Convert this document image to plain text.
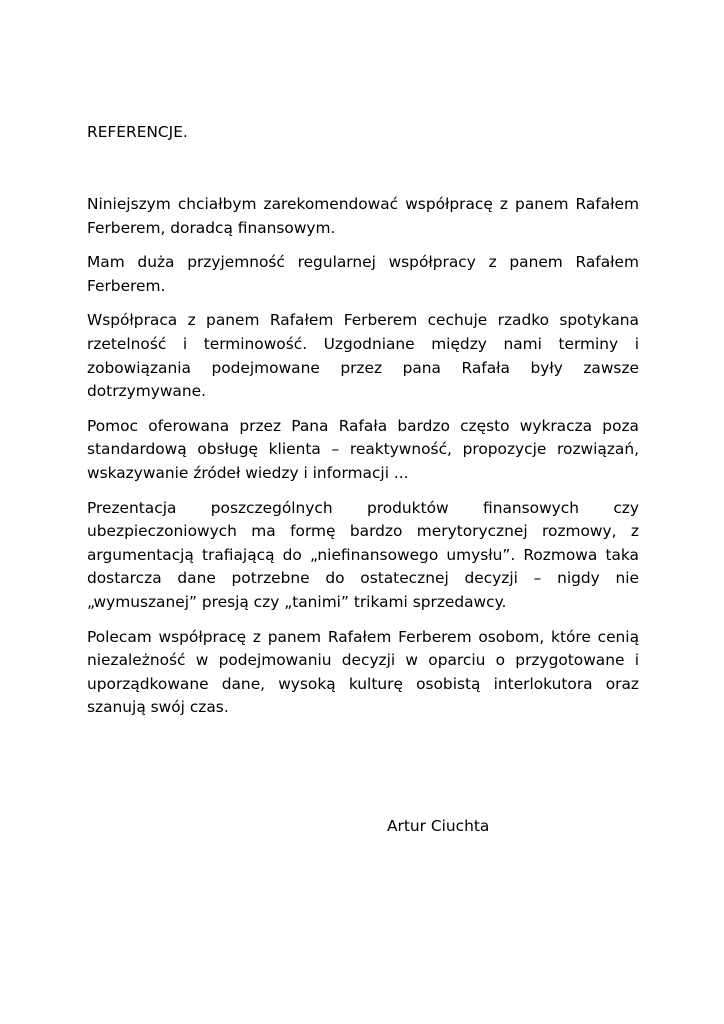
REFERENCJE.

Niniejszym chciałbym zarekomendować współpracę z panem Rafałem Ferberem, doradcą finansowym.

Mam duża przyjemność regularnej współpracy z panem Rafałem Ferberem.

Współpraca z panem Rafałem Ferberem cechuje rzadko spotykana rzetelność i terminowość. Uzgodniane między nami terminy i zobowiązania podejmowane przez pana Rafała były zawsze dotrzymywane.

Pomoc oferowana przez Pana Rafała bardzo często wykracza poza standardową obsługę klienta – reaktywność, propozycje rozwiązań, wskazywanie źródeł wiedzy i informacji ...

Prezentacja poszczególnych produktów finansowych czy ubezpieczoniowych ma formę bardzo merytorycznej rozmowy, z argumentacją trafiającą do „niefinansowego umysłu”. Rozmowa taka dostarcza dane potrzebne do ostatecznej decyzji – nigdy nie „wymuszanej” presją czy „tanimi” trikami sprzedawcy.

Polecam współpracę z panem Rafałem Ferberem osobom, które cenią niezależność w podejmowaniu decyzji w oparciu o przygotowane i uporządkowane dane, wysoką kulturę osobistą interlokutora oraz szanują swój czas.

Artur Ciuchta
